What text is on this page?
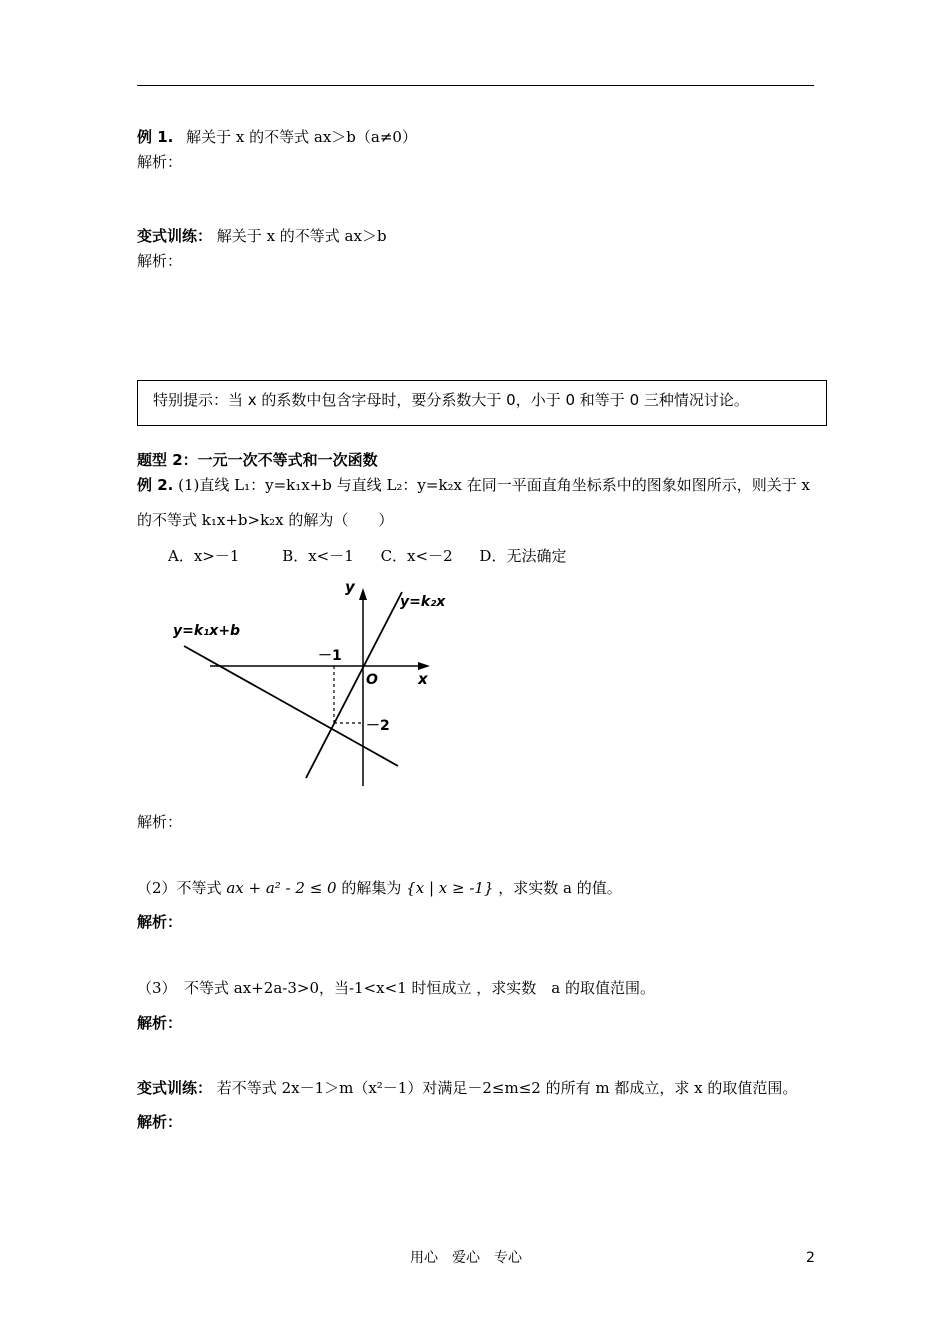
例 1. 解关于 x 的不等式 ax＞b（a≠0）
解析：
变式训练： 解关于 x 的不等式 ax＞b
解析：
特别提示：当 x 的系数中包含字母时，要分系数大于 0，小于 0 和等于 0 三种情况讨论。
题型 2：一元一次不等式和一次函数
例 2. (1)直线 L₁：y=k₁x+b 与直线 L₂：y=k₂x 在同一平面直角坐标系中的图象如图所示，则关于 x
的不等式 k₁x+b>k₂x 的解为（　　）
A．x>－1	B．x<－1 C．x<－2 D．无法确定
y
x
O
y=k₂x
y=k₁x+b
－1
－2
解析：
（2）不等式 ax + a² - 2 ≤ 0 的解集为 {x | x ≥ -1} ，求实数 a 的值。
解析：
（3）　不等式 ax+2a-3>0，当-1<x<1 时恒成立 ，求实数　a 的取值范围。
解析：
变式训练： 若不等式 2x－1＞m（x²－1）对满足－2≤m≤2 的所有 m 都成立，求 x 的取值范围。
解析：
用心　爱心　专心	2
